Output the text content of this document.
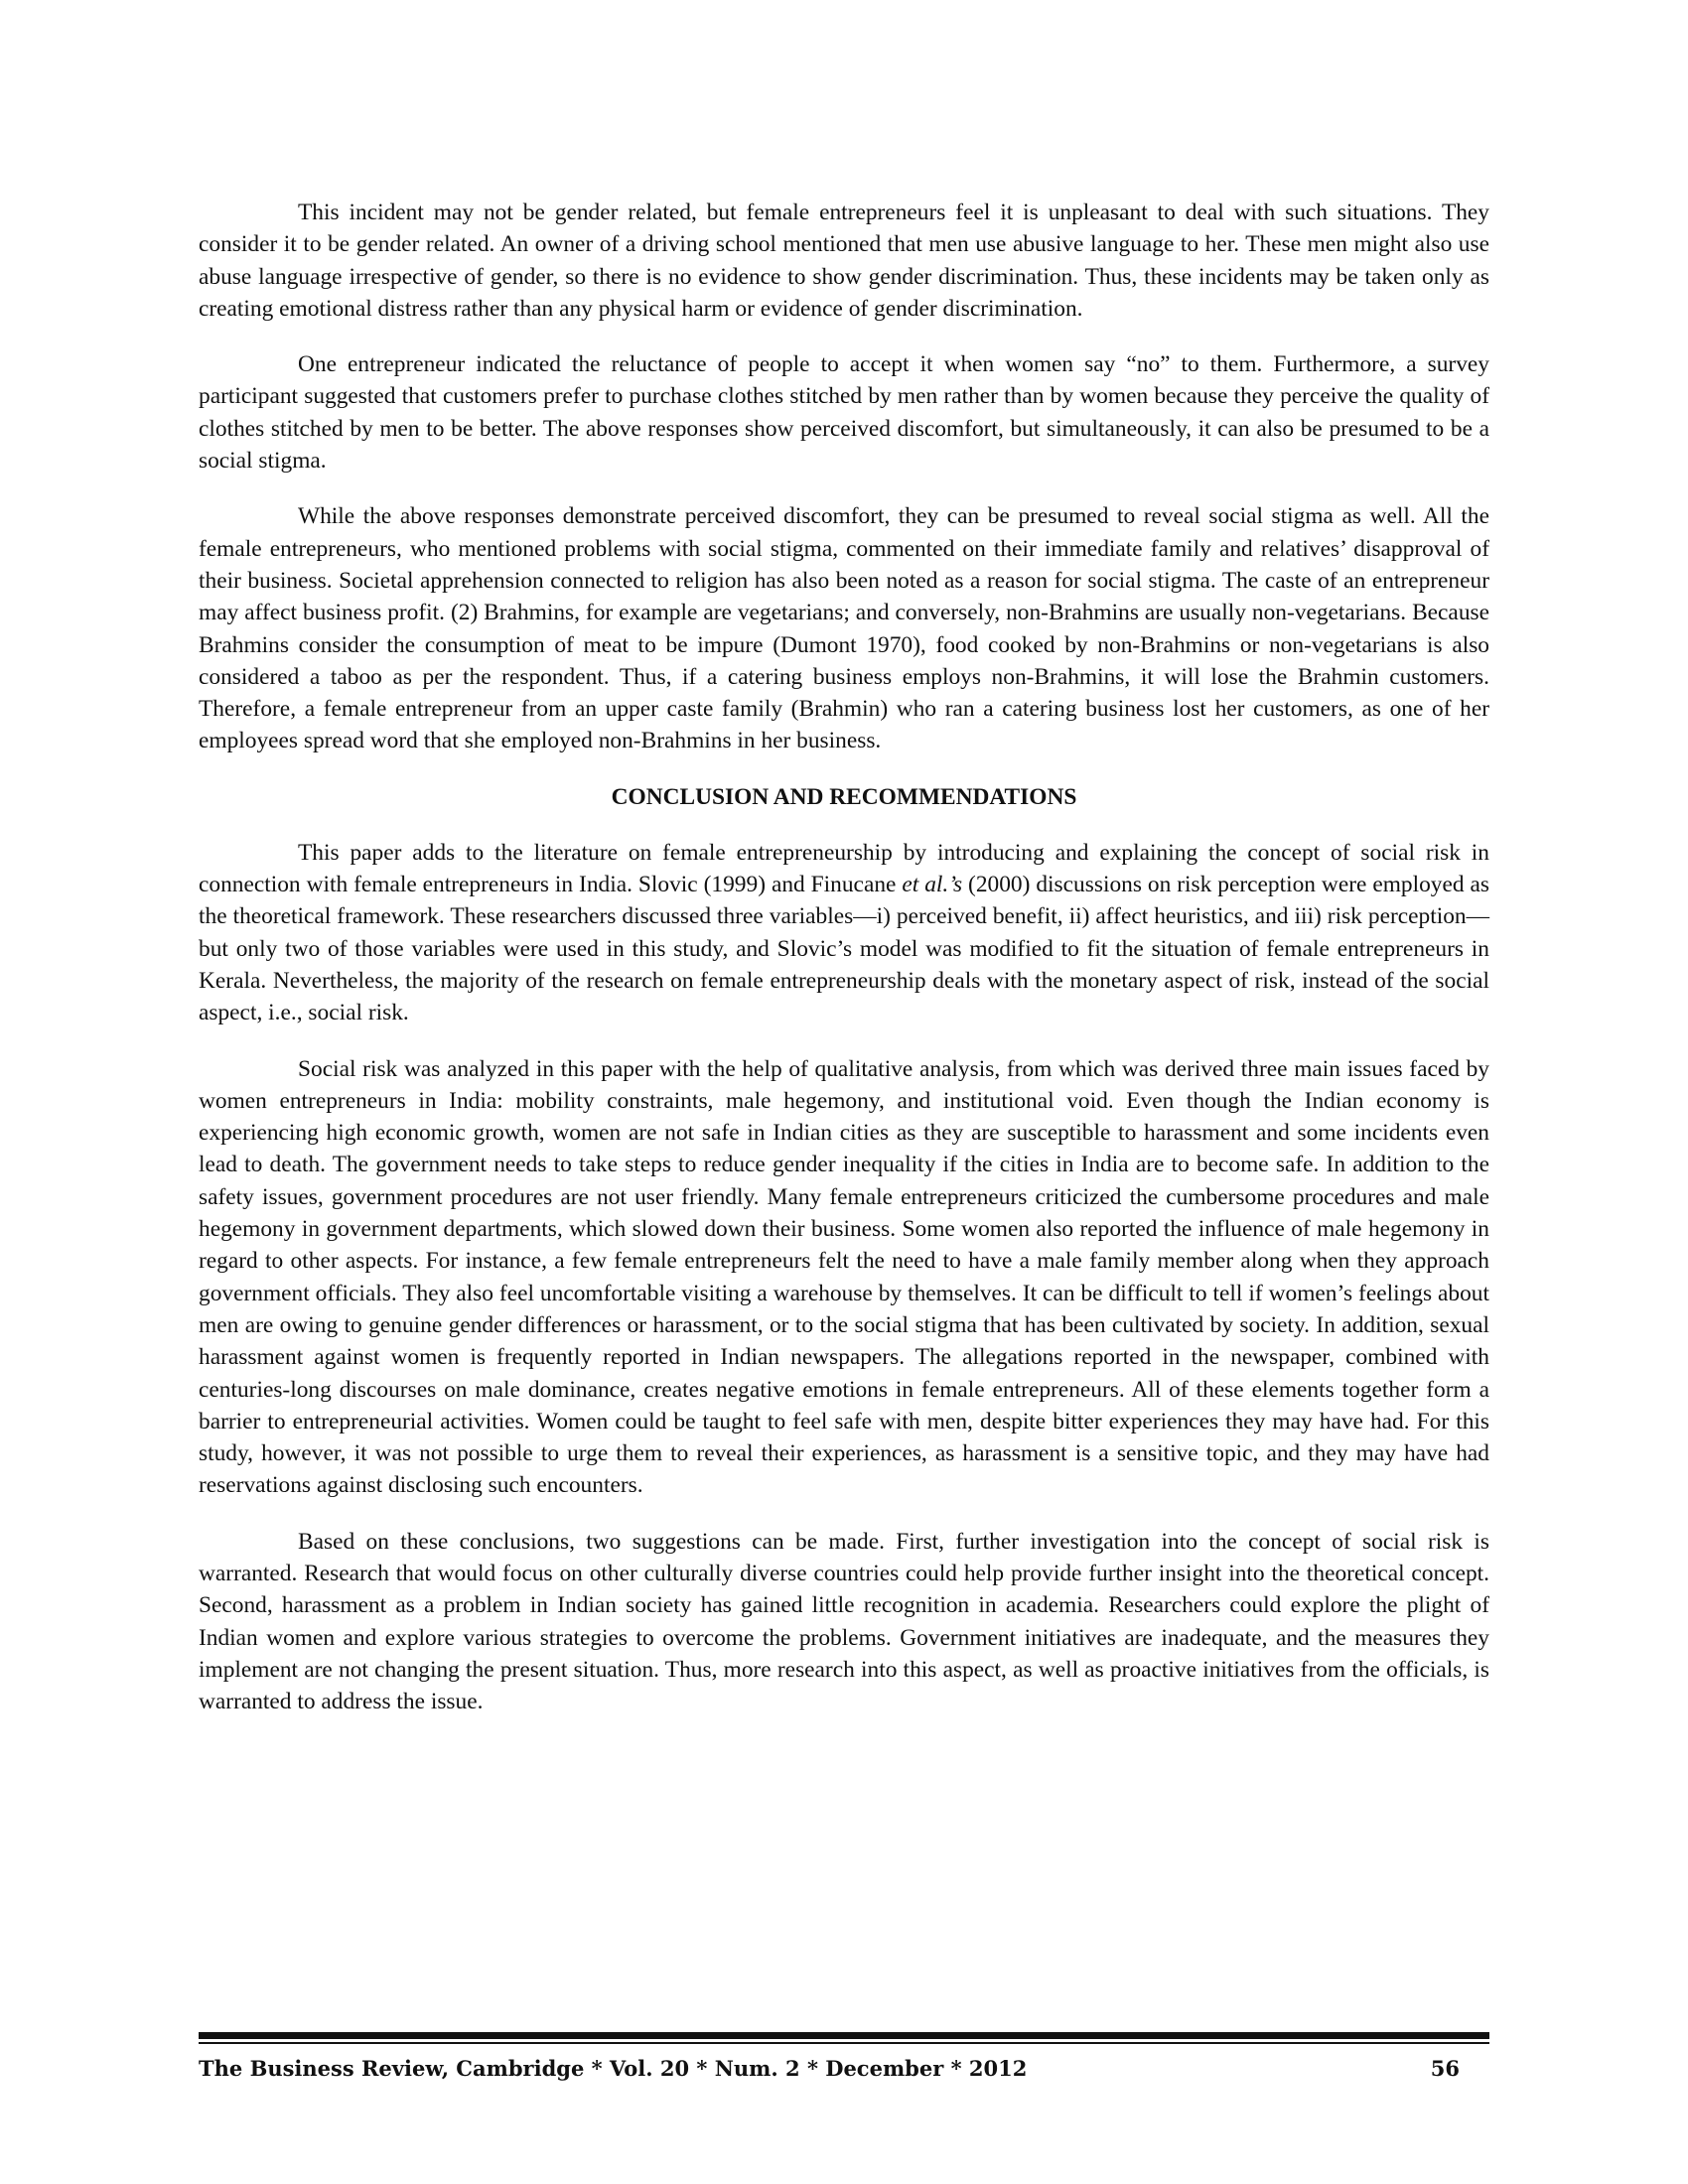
This incident may not be gender related, but female entrepreneurs feel it is unpleasant to deal with such situations. They consider it to be gender related. An owner of a driving school mentioned that men use abusive language to her. These men might also use abuse language irrespective of gender, so there is no evidence to show gender discrimination. Thus, these incidents may be taken only as creating emotional distress rather than any physical harm or evidence of gender discrimination.

One entrepreneur indicated the reluctance of people to accept it when women say “no” to them. Furthermore, a survey participant suggested that customers prefer to purchase clothes stitched by men rather than by women because they perceive the quality of clothes stitched by men to be better. The above responses show perceived discomfort, but simultaneously, it can also be presumed to be a social stigma.

While the above responses demonstrate perceived discomfort, they can be presumed to reveal social stigma as well. All the female entrepreneurs, who mentioned problems with social stigma, commented on their immediate family and relatives’ disapproval of their business. Societal apprehension connected to religion has also been noted as a reason for social stigma. The caste of an entrepreneur may affect business profit. (2) Brahmins, for example are vegetarians; and conversely, non-Brahmins are usually non-vegetarians. Because Brahmins consider the consumption of meat to be impure (Dumont 1970), food cooked by non-Brahmins or non-vegetarians is also considered a taboo as per the respondent. Thus, if a catering business employs non-Brahmins, it will lose the Brahmin customers. Therefore, a female entrepreneur from an upper caste family (Brahmin) who ran a catering business lost her customers, as one of her employees spread word that she employed non-Brahmins in her business.

CONCLUSION AND RECOMMENDATIONS

This paper adds to the literature on female entrepreneurship by introducing and explaining the concept of social risk in connection with female entrepreneurs in India. Slovic (1999) and Finucane et al.’s (2000) discussions on risk perception were employed as the theoretical framework. These researchers discussed three variables—i) perceived benefit, ii) affect heuristics, and iii) risk perception—but only two of those variables were used in this study, and Slovic’s model was modified to fit the situation of female entrepreneurs in Kerala. Nevertheless, the majority of the research on female entrepreneurship deals with the monetary aspect of risk, instead of the social aspect, i.e., social risk.

Social risk was analyzed in this paper with the help of qualitative analysis, from which was derived three main issues faced by women entrepreneurs in India: mobility constraints, male hegemony, and institutional void. Even though the Indian economy is experiencing high economic growth, women are not safe in Indian cities as they are susceptible to harassment and some incidents even lead to death. The government needs to take steps to reduce gender inequality if the cities in India are to become safe. In addition to the safety issues, government procedures are not user friendly. Many female entrepreneurs criticized the cumbersome procedures and male hegemony in government departments, which slowed down their business. Some women also reported the influence of male hegemony in regard to other aspects. For instance, a few female entrepreneurs felt the need to have a male family member along when they approach government officials. They also feel uncomfortable visiting a warehouse by themselves. It can be difficult to tell if women’s feelings about men are owing to genuine gender differences or harassment, or to the social stigma that has been cultivated by society. In addition, sexual harassment against women is frequently reported in Indian newspapers. The allegations reported in the newspaper, combined with centuries-long discourses on male dominance, creates negative emotions in female entrepreneurs. All of these elements together form a barrier to entrepreneurial activities. Women could be taught to feel safe with men, despite bitter experiences they may have had. For this study, however, it was not possible to urge them to reveal their experiences, as harassment is a sensitive topic, and they may have had reservations against disclosing such encounters.

Based on these conclusions, two suggestions can be made. First, further investigation into the concept of social risk is warranted. Research that would focus on other culturally diverse countries could help provide further insight into the theoretical concept. Second, harassment as a problem in Indian society has gained little recognition in academia. Researchers could explore the plight of Indian women and explore various strategies to overcome the problems. Government initiatives are inadequate, and the measures they implement are not changing the present situation. Thus, more research into this aspect, as well as proactive initiatives from the officials, is warranted to address the issue.

The Business Review, Cambridge * Vol. 20 * Num. 2 * December * 2012	56
